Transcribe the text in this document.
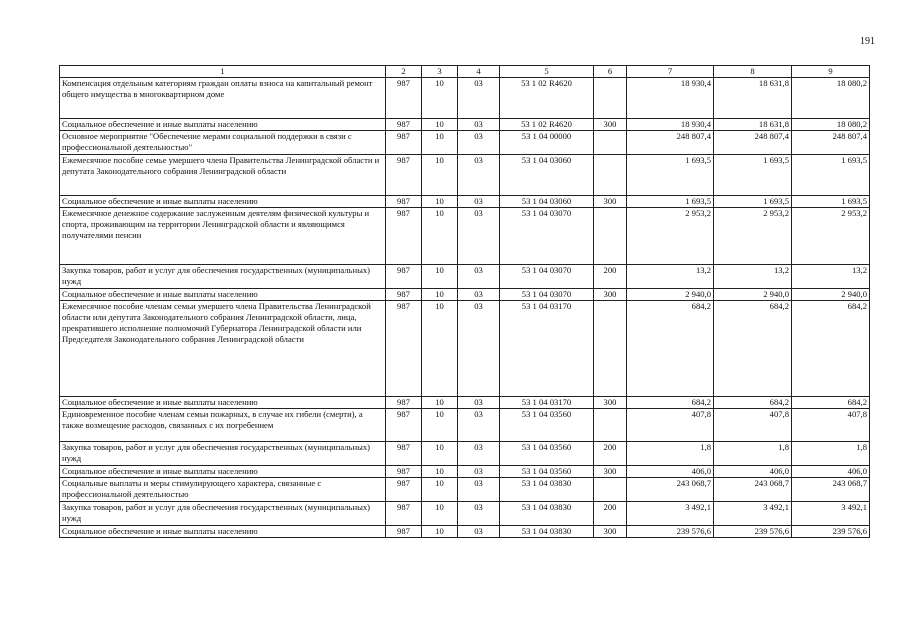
191
1	2	3	4	5	6	7	8	9
Компенсация отдельным категориям граждан оплаты взноса на капитальный ремонт общего имущества в многоквартирном доме	987	10	03	53 1 02 R4620		18 930,4	18 631,8	18 080,2
Социальное обеспечение и иные выплаты населению	987	10	03	53 1 02 R4620	300	18 930,4	18 631,8	18 080,2
Основное мероприятие "Обеспечение мерами социальной поддержки в связи с профессиональной деятельностью"	987	10	03	53 1 04 00000		248 807,4	248 807,4	248 807,4
Ежемесячное пособие семье умершего члена Правительства Ленинградской области и депутата Законодательного собрания Ленинградской области	987	10	03	53 1 04 03060		1 693,5	1 693,5	1 693,5
Социальное обеспечение и иные выплаты населению	987	10	03	53 1 04 03060	300	1 693,5	1 693,5	1 693,5
Ежемесячное денежное содержание заслуженным деятелям физической культуры и спорта, проживающим на территории Ленинградской области и являющимся получателями пенсии	987	10	03	53 1 04 03070		2 953,2	2 953,2	2 953,2
Закупка товаров, работ и услуг для обеспечения государственных (муниципальных) нужд	987	10	03	53 1 04 03070	200	13,2	13,2	13,2
Социальное обеспечение и иные выплаты населению	987	10	03	53 1 04 03070	300	2 940,0	2 940,0	2 940,0
Ежемесячное пособие членам семьи умершего члена Правительства Ленинградской области или депутата Законодательного собрания Ленинградской области, лица, прекратившего исполнение полномочий Губернатора Ленинградской области или Председателя Законодательного собрания Ленинградской области	987	10	03	53 1 04 03170		684,2	684,2	684,2
Социальное обеспечение и иные выплаты населению	987	10	03	53 1 04 03170	300	684,2	684,2	684,2
Единовременное пособие членам семьи пожарных, в случае их гибели (смерти), а также возмещение расходов, связанных с их погребением	987	10	03	53 1 04 03560		407,8	407,8	407,8
Закупка товаров, работ и услуг для обеспечения государственных (муниципальных) нужд	987	10	03	53 1 04 03560	200	1,8	1,8	1,8
Социальное обеспечение и иные выплаты населению	987	10	03	53 1 04 03560	300	406,0	406,0	406,0
Социальные выплаты и меры стимулирующего характера, связанные с профессиональной деятельностью	987	10	03	53 1 04 03830		243 068,7	243 068,7	243 068,7
Закупка товаров, работ и услуг для обеспечения государственных (муниципальных) нужд	987	10	03	53 1 04 03830	200	3 492,1	3 492,1	3 492,1
Социальное обеспечение и иные выплаты населению	987	10	03	53 1 04 03830	300	239 576,6	239 576,6	239 576,6
